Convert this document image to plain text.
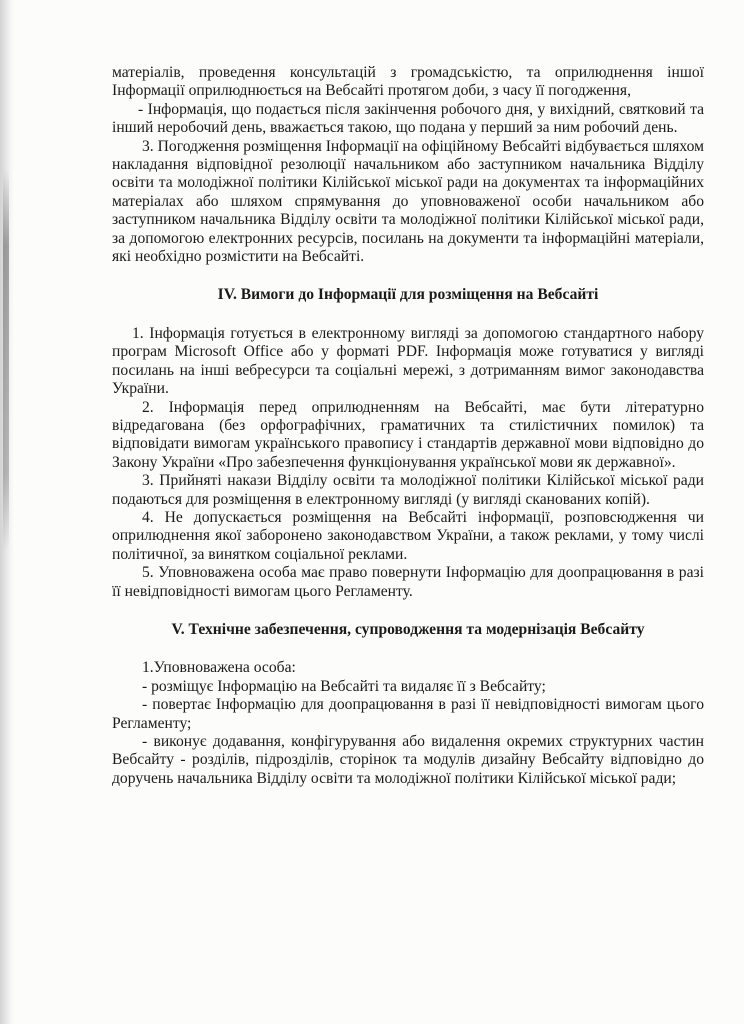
матеріалів, проведення консультацій з громадськістю, та оприлюднення іншої Інформації оприлюднюється на Вебсайті протягом доби, з часу її погодження,

- Інформація, що подається після закінчення робочого дня, у вихідний, святковий та інший неробочий день, вважається такою, що подана у перший за ним робочий день.

3. Погодження розміщення Інформації на офіційному Вебсайті відбувається шляхом накладання відповідної резолюції начальником або заступником начальника Відділу освіти та молодіжної політики Кілійської міської ради на документах та інформаційних матеріалах або шляхом спрямування до уповноваженої особи начальником або заступником начальника Відділу освіти та молодіжної політики Кілійської міської ради, за допомогою електронних ресурсів, посилань на документи та інформаційні матеріали, які необхідно розмістити на Вебсайті.

IV. Вимоги до Інформації для розміщення на Вебсайті

1. Інформація готується в електронному вигляді за допомогою стандартного набору програм Microsoft Office або у форматі PDF. Інформація може готуватися у вигляді посилань на інші вебресурси та соціальні мережі, з дотриманням вимог законодавства України.

2. Інформація перед оприлюдненням на Вебсайті, має бути літературно відредагована (без орфографічних, граматичних та стилістичних помилок) та відповідати вимогам українського правопису і стандартів державної мови відповідно до Закону України «Про забезпечення функціонування української мови як державної».

3. Прийняті накази Відділу освіти та молодіжної політики Кілійської міської ради подаються для розміщення в електронному вигляді (у вигляді сканованих копій).

4. Не допускається розміщення на Вебсайті інформації, розповсюдження чи оприлюднення якої заборонено законодавством України, а також реклами, у тому числі політичної, за винятком соціальної реклами.

5. Уповноважена особа має право повернути Інформацію для доопрацювання в разі її невідповідності вимогам цього Регламенту.

V. Технічне забезпечення, супроводження та модернізація Вебсайту

1.Уповноважена особа:

- розміщує Інформацію на Вебсайті та видаляє її з Вебсайту;

- повертає Інформацію для доопрацювання в разі її невідповідності вимогам цього Регламенту;

- виконує додавання, конфігурування або видалення окремих структурних частин Вебсайту - розділів, підрозділів, сторінок та модулів дизайну Вебсайту відповідно до доручень начальника Відділу освіти та молодіжної політики Кілійської міської ради;
